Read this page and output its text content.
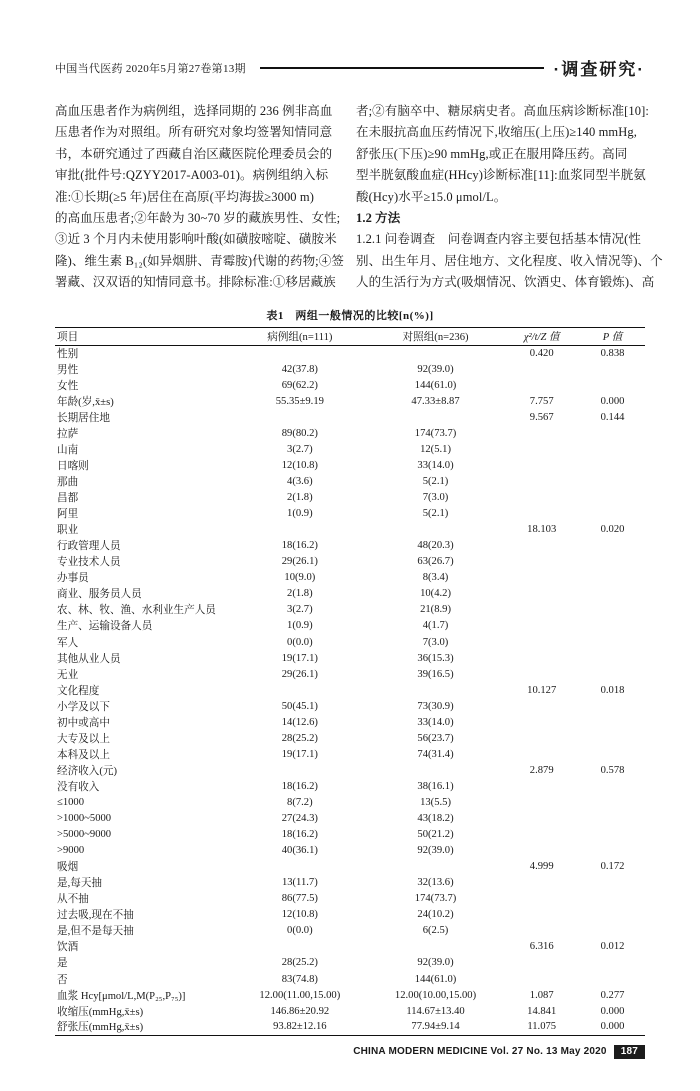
中国当代医药 2020年5月第27卷第13期	·调查研究·
高血压患者作为病例组，选择同期的 236 例非高血
压患者作为对照组。所有研究对象均签署知情同意
书，本研究通过了西藏自治区藏医院伦理委员会的
审批(批件号:QZYY2017-A003-01)。病例组纳入标
准:①长期(≥5 年)居住在高原(平均海拔≥3000 m)
的高血压患者;②年龄为 30~70 岁的藏族男性、女性;
③近 3 个月内未使用影响叶酸(如磺胺嘧啶、磺胺米
隆)、维生素 B₁₂(如异烟肼、青霉胺)代谢的药物;④签
署藏、汉双语的知情同意书。排除标准:①移居藏族
者;②有脑卒中、糖尿病史者。高血压病诊断标准[10]:
在未服抗高血压药情况下,收缩压(上压)≥140 mmHg,
舒张压(下压)≥90 mmHg,或正在服用降压药。高同
型半胱氨酸血症(HHcy)诊断标准[11]:血浆同型半胱氨
酸(Hcy)水平≥15.0 μmol/L。
1.2 方法
1.2.1 问卷调查　问卷调查内容主要包括基本情况(性
别、出生年月、居住地方、文化程度、收入情况等)、个
人的生活行为方式(吸烟情况、饮酒史、体育锻炼)、高
表1　两组一般情况的比较[n(%)]
项目	病例组(n=111)	对照组(n=236)	χ²/t/Z 值	P 值
性别			0.420	0.838
男性	42(37.8)	92(39.0)		
女性	69(62.2)	144(61.0)		
年龄(岁,x̄±s)	55.35±9.19	47.33±8.87	7.757	0.000
长期居住地			9.567	0.144
拉萨	89(80.2)	174(73.7)		
山南	3(2.7)	12(5.1)		
日喀则	12(10.8)	33(14.0)		
那曲	4(3.6)	5(2.1)		
昌都	2(1.8)	7(3.0)		
阿里	1(0.9)	5(2.1)		
职业			18.103	0.020
行政管理人员	18(16.2)	48(20.3)		
专业技术人员	29(26.1)	63(26.7)		
办事员	10(9.0)	8(3.4)		
商业、服务员人员	2(1.8)	10(4.2)		
农、林、牧、渔、水利业生产人员	3(2.7)	21(8.9)		
生产、运输设备人员	1(0.9)	4(1.7)		
军人	0(0.0)	7(3.0)		
其他从业人员	19(17.1)	36(15.3)		
无业	29(26.1)	39(16.5)		
文化程度			10.127	0.018
小学及以下	50(45.1)	73(30.9)		
初中或高中	14(12.6)	33(14.0)		
大专及以上	28(25.2)	56(23.7)		
本科及以上	19(17.1)	74(31.4)		
经济收入(元)			2.879	0.578
没有收入	18(16.2)	38(16.1)		
≤1000	8(7.2)	13(5.5)		
>1000~5000	27(24.3)	43(18.2)		
>5000~9000	18(16.2)	50(21.2)		
>9000	40(36.1)	92(39.0)		
吸烟			4.999	0.172
是,每天抽	13(11.7)	32(13.6)		
从不抽	86(77.5)	174(73.7)		
过去吸,现在不抽	12(10.8)	24(10.2)		
是,但不是每天抽	0(0.0)	6(2.5)		
饮酒			6.316	0.012
是	28(25.2)	92(39.0)		
否	83(74.8)	144(61.0)		
血浆 Hcy[μmol/L,M(P₂₅,P₇₅)]	12.00(11.00,15.00)	12.00(10.00,15.00)	1.087	0.277
收缩压(mmHg,x̄±s)	146.86±20.92	114.67±13.40	14.841	0.000
舒张压(mmHg,x̄±s)	93.82±12.16	77.94±9.14	11.075	0.000
CHINA MODERN MEDICINE Vol. 27 No. 13 May 2020	187
